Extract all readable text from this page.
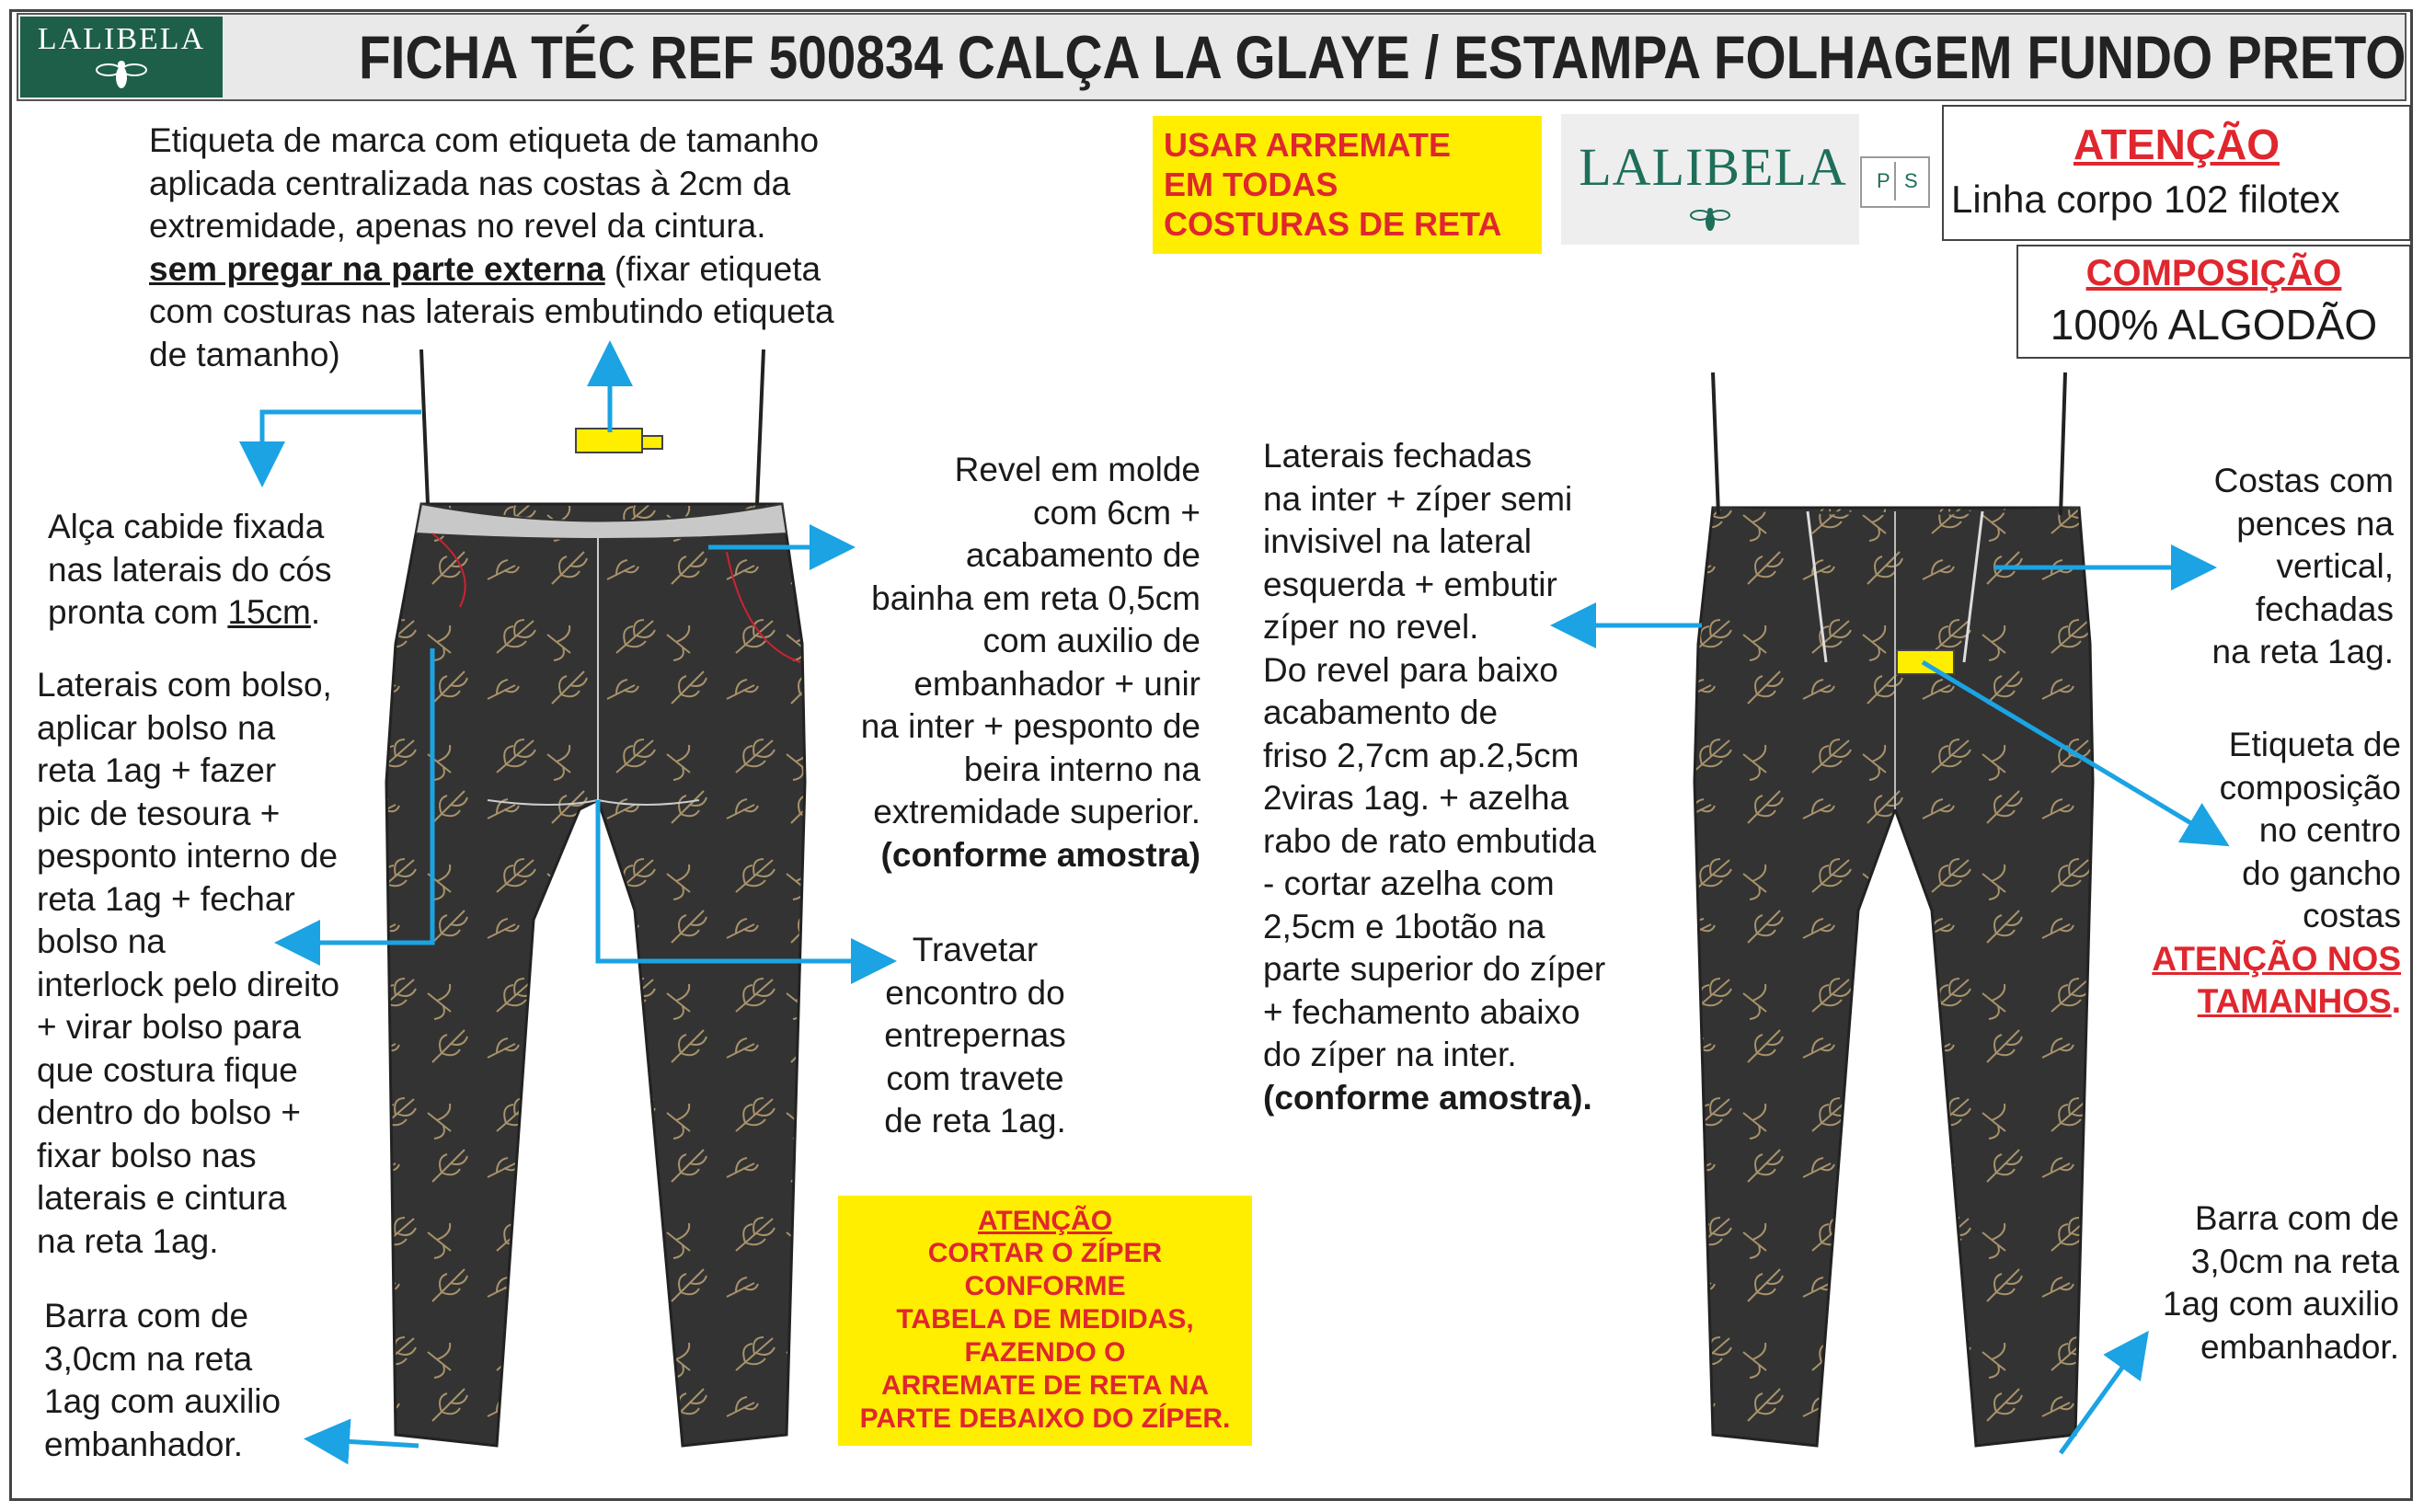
LALIBELA	FICHA TÉC REF 500834 CALÇA LA GLAYE / ESTAMPA FOLHAGEM FUNDO PRETO
USAR ARREMATE
EM TODAS
COSTURAS DE RETA
LALIBELA	P S
ATENÇÃO
Linha corpo 102 filotex
COMPOSIÇÃO
100% ALGODÃO
Etiqueta de marca com etiqueta de tamanho
aplicada centralizada nas costas à 2cm da
extremidade, apenas no revel da cintura.
sem pregar na parte externa (fixar etiqueta
com costuras nas laterais embutindo etiqueta
de tamanho)
Alça cabide fixada
nas laterais do cós
pronta com 15cm.
Laterais com bolso,
aplicar bolso na
reta 1ag + fazer
pic de tesoura +
pesponto interno de
reta 1ag + fechar
bolso na
interlock pelo direito
+ virar bolso para
que costura fique
dentro do bolso +
fixar bolso nas
laterais e cintura
na reta 1ag.
Barra com de
3,0cm na reta
1ag com auxilio
embanhador.
Revel em molde
com 6cm +
acabamento de
bainha em reta 0,5cm
com auxilio de
embanhador + unir
na inter + pesponto de
beira interno na
extremidade superior.
(conforme amostra)
Travetar
encontro do
entrepernas
com travete
de reta 1ag.
ATENÇÃO
CORTAR O ZÍPER
CONFORME
TABELA DE MEDIDAS,
FAZENDO O
ARREMATE DE RETA NA
PARTE DEBAIXO DO ZÍPER.
Laterais fechadas
na inter + zíper semi
invisivel na lateral
esquerda + embutir
zíper no revel.
Do revel para baixo
acabamento de
friso 2,7cm ap.2,5cm
2viras 1ag. + azelha
rabo de rato embutida
- cortar azelha com
2,5cm e 1botão na
parte superior do zíper
+ fechamento abaixo
do zíper na inter.
(conforme amostra).
Costas com
pences na
vertical,
fechadas
na reta 1ag.
Etiqueta de
composição
no centro
do gancho
costas
ATENÇÃO NOS
TAMANHOS.
Barra com de
3,0cm na reta
1ag com auxilio
embanhador.
